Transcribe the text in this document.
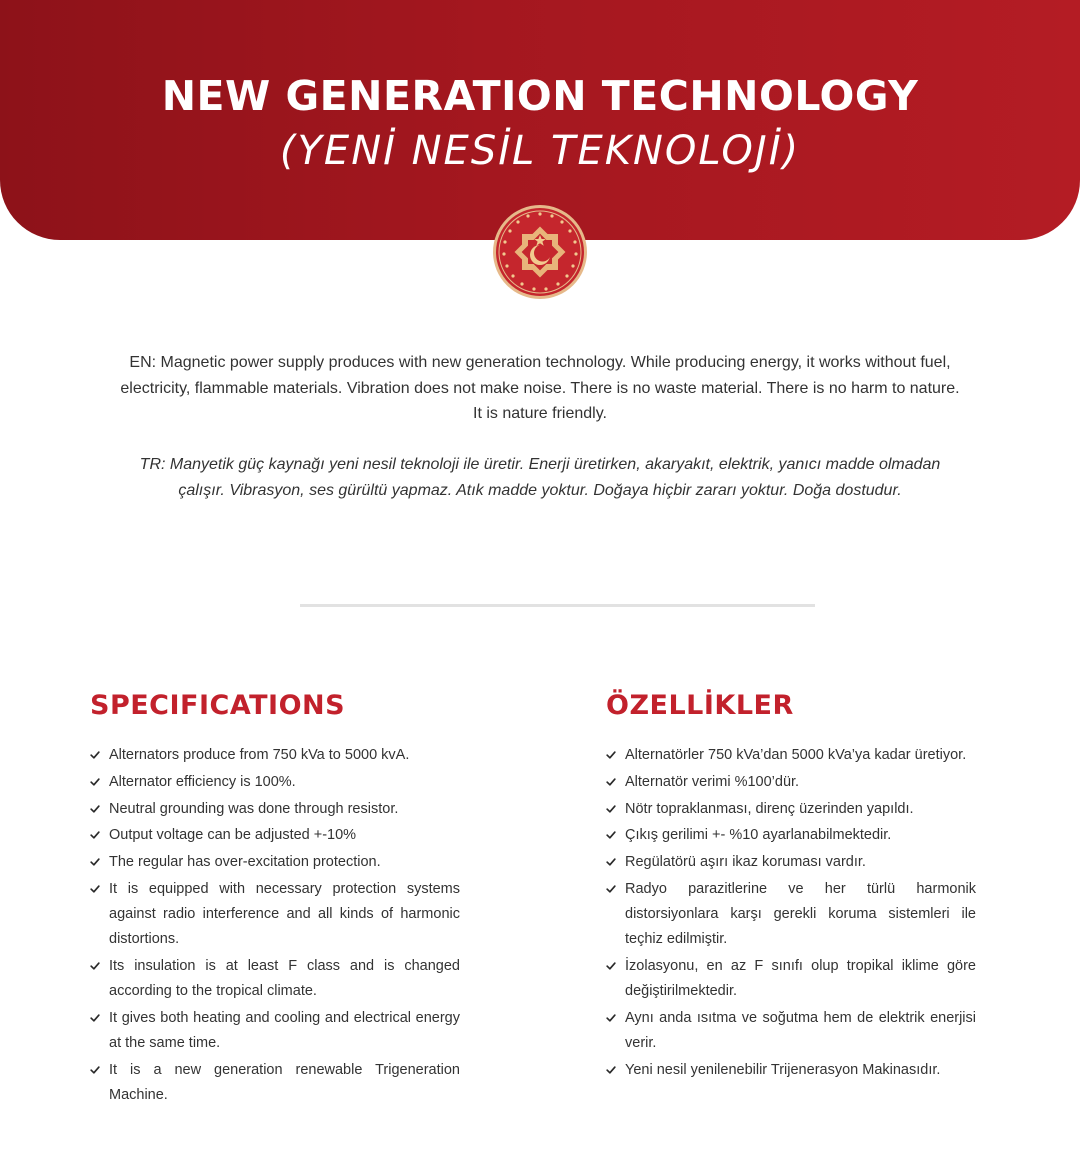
NEW GENERATION TECHNOLOGY
(YENİ NESİL TEKNOLOJİ)

EN: Magnetic power supply produces with new generation technology. While producing energy, it works without fuel, electricity, flammable materials. Vibration does not make noise. There is no waste material. There is no harm to nature. It is nature friendly.

TR: Manyetik güç kaynağı yeni nesil teknoloji ile üretir. Enerji üretirken, akaryakıt, elektrik, yanıcı madde olmadan çalışır. Vibrasyon, ses gürültü yapmaz. Atık madde yoktur. Doğaya hiçbir zararı yoktur. Doğa dostudur.

SPECIFICATIONS
Alternators produce from 750 kVa to 5000 kvA.
Alternator efficiency is 100%.
Neutral grounding was done through resistor.
Output voltage can be adjusted +-10%
The regular has over-excitation protection.
It is equipped with necessary protection systems against radio interference and all kinds of harmonic distortions.
Its insulation is at least F class and is changed according to the tropical climate.
It gives both heating and cooling and electrical energy at the same time.
It is a new generation renewable Trigeneration Machine.
ÖZELLİKLER
Alternatörler 750 kVa’dan 5000 kVa’ya kadar üretiyor.
Alternatör verimi %100’dür.
Nötr topraklanması, direnç üzerinden yapıldı.
Çıkış gerilimi +- %10 ayarlanabilmektedir.
Regülatörü aşırı ikaz koruması vardır.
Radyo parazitlerine ve her türlü harmonik distorsiyonlara karşı gerekli koruma sistemleri ile teçhiz edilmiştir.
İzolasyonu, en az F sınıfı olup tropikal iklime göre değiştirilmektedir.
Aynı anda ısıtma ve soğutma hem de elektrik enerjisi verir.
Yeni nesil yenilenebilir Trijenerasyon Makinasıdır.
